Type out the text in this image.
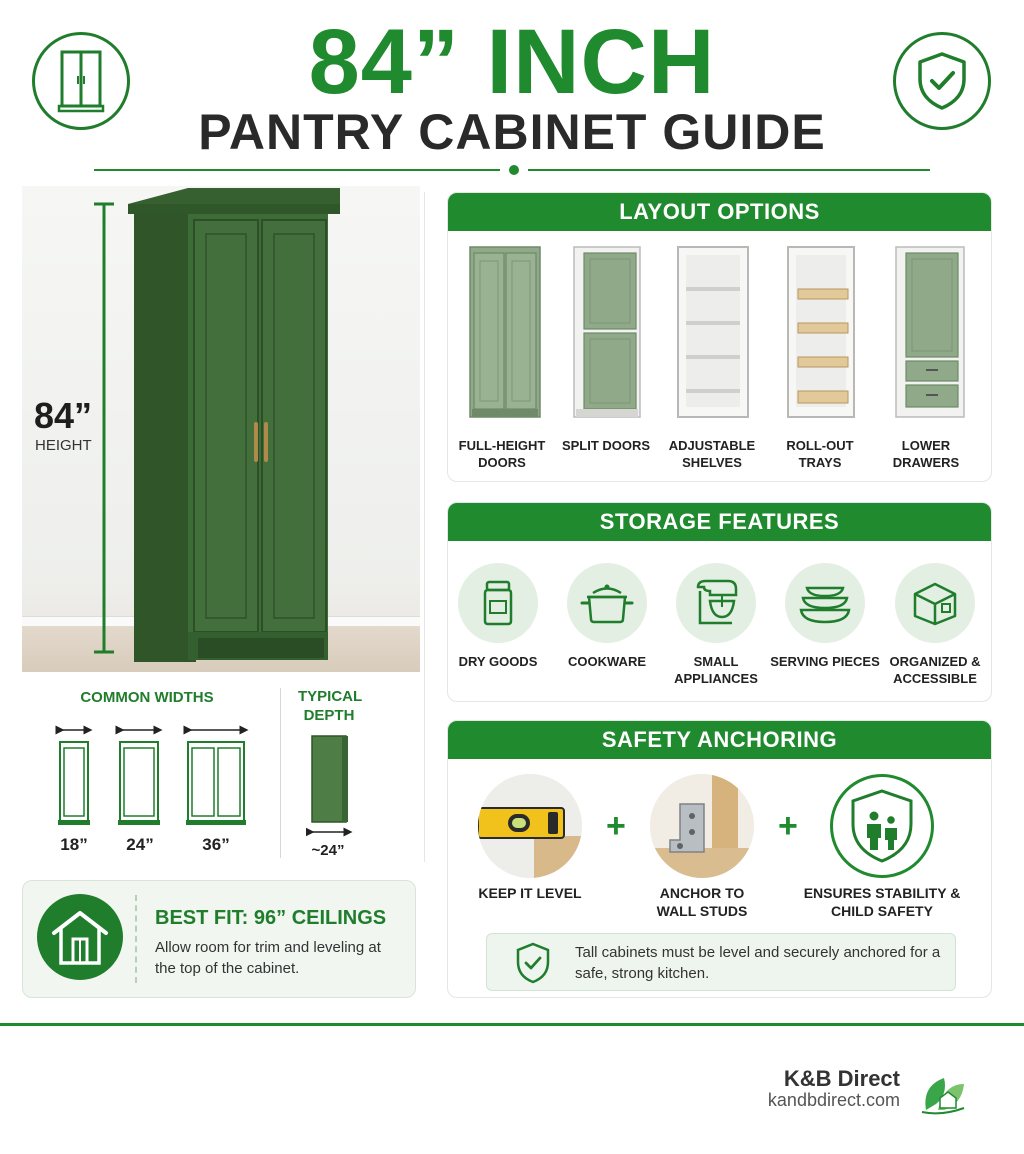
84” INCH
PANTRY CABINET GUIDE
84”
HEIGHT
COMMON WIDTHS
18”	24”	36”
TYPICAL DEPTH
~24”
BEST FIT: 96” CEILINGS
Allow room for trim and leveling at the top of the cabinet.
LAYOUT OPTIONS
FULL-HEIGHT DOORS
SPLIT DOORS	ADJUSTABLE SHELVES
ROLL-OUT TRAYS
LOWER DRAWERS
STORAGE FEATURES
DRY GOODS	COOKWARE	SMALL APPLIANCES
SERVING PIECES ORGANIZED & ACCESSIBLE
SAFETY ANCHORING
+	+
KEEP IT LEVEL	ANCHOR TO WALL STUDS
ENSURES STABILITY & CHILD SAFETY
Tall cabinets must be level and securely anchored for a safe, strong kitchen.
K&B Direct
kandbdirect.com
